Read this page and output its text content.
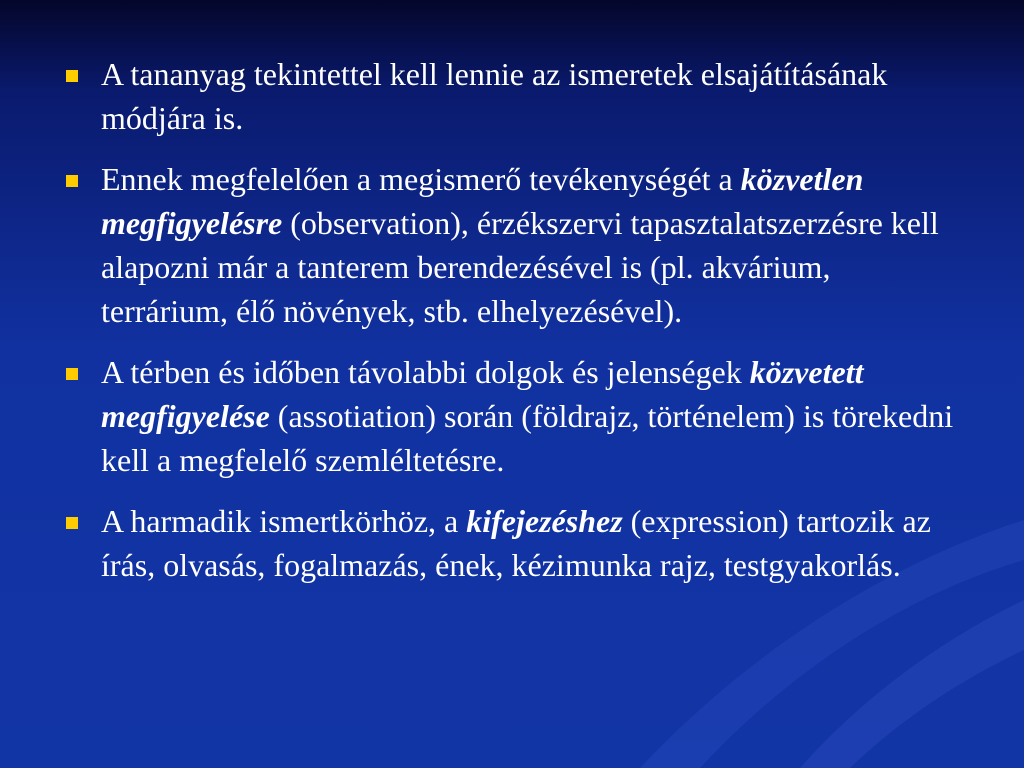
A tananyag tekintettel kell lennie az ismeretek elsajátításának módjára is.
Ennek megfelelően a megismerő tevékenységét a közvetlen megfigyelésre (observation), érzékszervi tapasztalatszerzésre kell alapozni már a tanterem berendezésével is (pl. akvárium, terrárium, élő növények, stb. elhelyezésével).
A térben és időben távolabbi dolgok és jelenségek közvetett megfigyelése (assotiation) során (földrajz, történelem) is törekedni kell a megfelelő szemléltetésre.
A harmadik ismertkörhöz, a kifejezéshez (expression) tartozik az írás, olvasás, fogalmazás, ének, kézimunka rajz, testgyakorlás.
